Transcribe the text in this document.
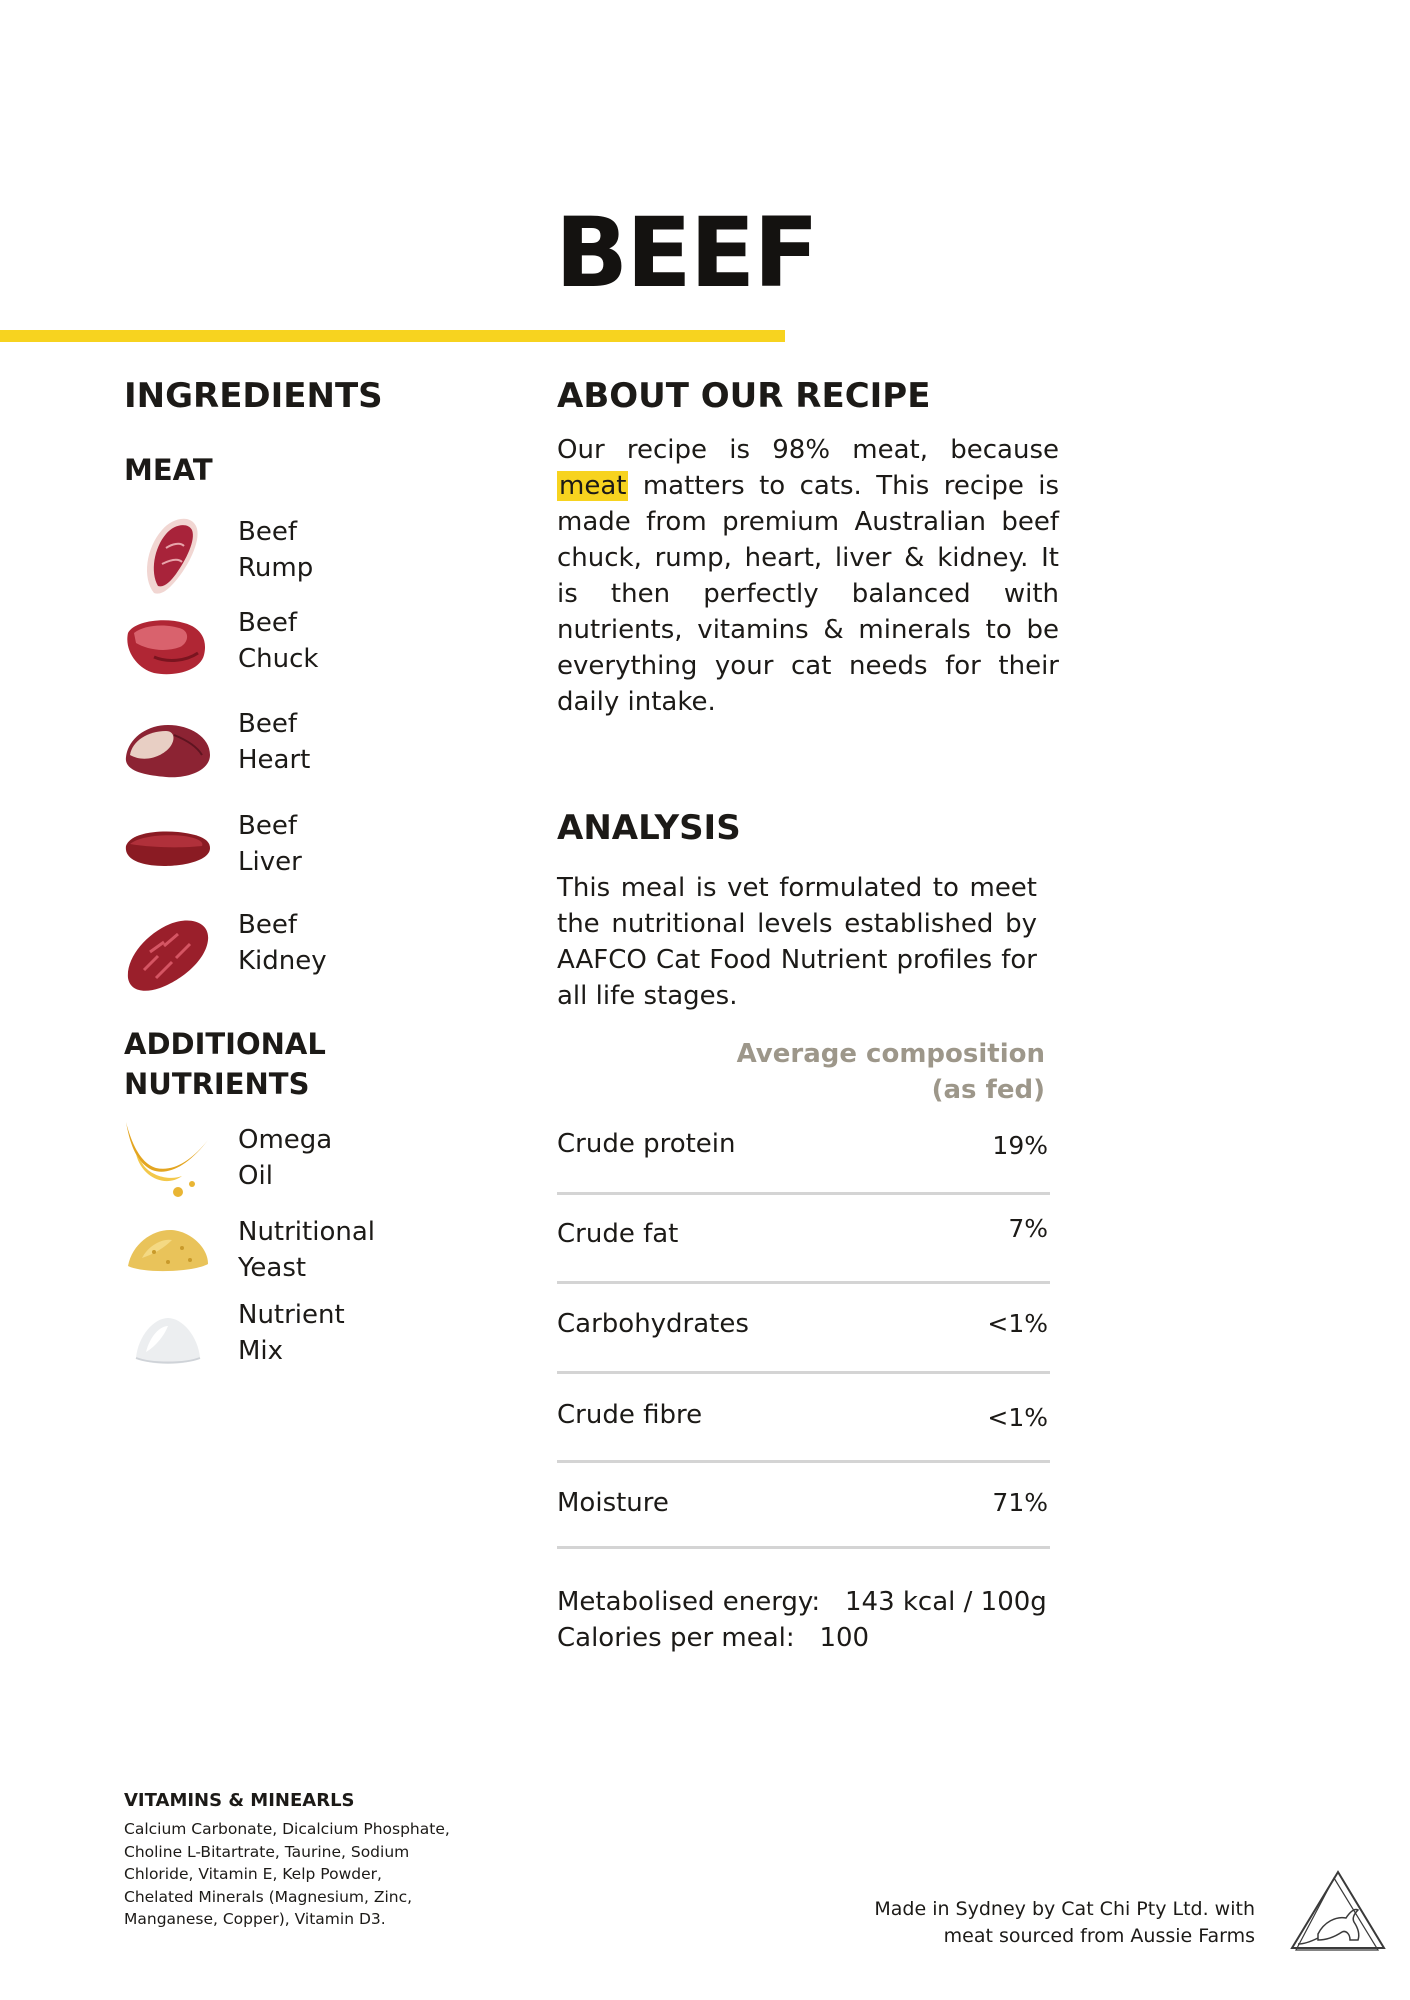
BEEF
INGREDIENTS
MEAT
Beef
Rump
Beef
Chuck
Beef
Heart
Beef
Liver
Beef
Kidney
ADDITIONAL
NUTRIENTS
Omega
Oil
Nutritional
Yeast
Nutrient
Mix
ABOUT OUR RECIPE
Our recipe is 98% meat, because meat matters to cats. This recipe is made from premium Australian beef chuck, rump, heart, liver & kidney. It is then perfectly balanced with nutrients, vitamins & minerals to be everything your cat needs for their daily intake.
ANALYSIS
This meal is vet formulated to meet the nutritional levels established by AAFCO Cat Food Nutrient profiles for all life stages.
Average composition
(as fed)
Crude protein	19%
Crude fat	7%
Carbohydrates	<1%
Crude fibre	<1%
Moisture	71%
Metabolised energy: 143 kcal / 100g
Calories per meal: 100
VITAMINS & MINEARLS
Calcium Carbonate, Dicalcium Phosphate, Choline L-Bitartrate, Taurine, Sodium Chloride, Vitamin E, Kelp Powder, Chelated Minerals (Magnesium, Zinc, Manganese, Copper), Vitamin D3.	Made in Sydney by Cat Chi Pty Ltd. with
meat sourced from Aussie Farms
